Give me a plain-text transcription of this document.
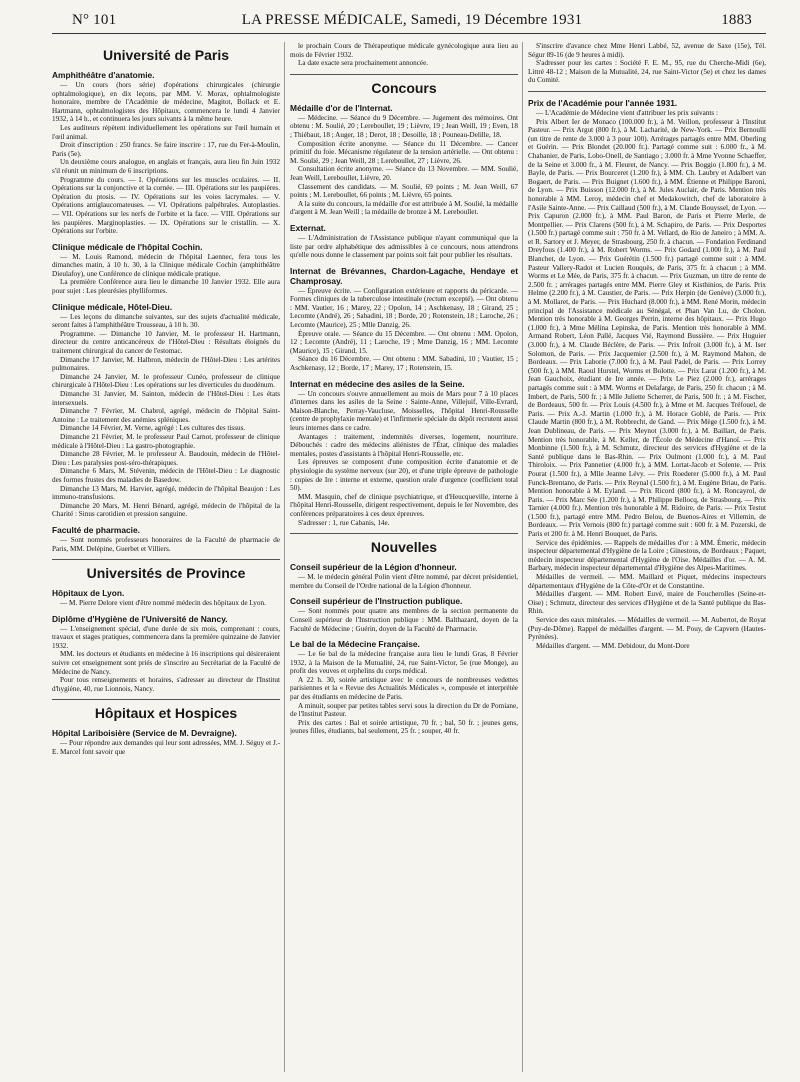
N° 101	LA PRESSE MÉDICALE, Samedi, 19 Décembre 1931	1883
Université de Paris
Amphithéâtre d'anatomie.

— Un cours (hors série) d'opérations chirurgicales (chirurgie ophtalmologique), en dix leçons, par MM. V. Morax, ophtalmologiste honoraire, membre de l'Académie de médecine, Magitot, Bollack et E. Hartmann, ophtalmologistes des Hôpitaux, commencera le lundi 4 Janvier 1932, à 14 h., et continuera les jours suivants à la même heure.

Les auditeurs répètent individuellement les opérations sur l'œil humain et l'œil animal.

Droit d'inscription : 250 francs. Se faire inscrire : 17, rue du Fer-à-Moulin, Paris (5e).

Un deuxième cours analogue, en anglais et français, aura lieu fin Juin 1932 s'il réunit un minimum de 6 inscriptions.

Programme du cours. — I. Opérations sur les muscles oculaires. — II. Opérations sur la conjonctive et la cornée. — III. Opérations sur les paupières. Opération du ptosis. — IV. Opérations sur les voies lacrymales. — V. Opérations antiglaucomateuses. — VI. Opérations palpébrales. Autoplasties. — VII. Opérations sur les nerfs de l'orbite et la face. — VIII. Opérations sur les paupières. Marginoplasties. — IX. Opérations sur le cristallin. — X. Opérations sur l'orbite.

Clinique médicale de l'hôpital Cochin.

— M. Louis Ramond, médecin de l'hôpital Laennec, fera tous les dimanches matin, à 10 h. 30, à la Clinique médicale Cochin (amphithéâtre Dieulafoy), une Conférence de clinique médicale pratique.

La première Conférence aura lieu le dimanche 10 Janvier 1932. Elle aura pour sujet : Les pleurésies phylliformes.

Clinique médicale, Hôtel-Dieu.

— Les leçons du dimanche suivantes, sur des sujets d'actualité médicale, seront faites à l'amphithéâtre Trousseau, à 10 h. 30.

Programme. — Dimanche 10 Janvier, M. le professeur H. Hartmann, directeur du centre anticancéreux de l'Hôtel-Dieu : Résultats éloignés du traitement chirurgical du cancer de l'estomac.

Dimanche 17 Janvier, M. Halbron, médecin de l'Hôtel-Dieu : Les artérites pulmonaires.

Dimanche 24 Janvier, M. le professeur Cunéo, professeur de clinique chirurgicale à l'Hôtel-Dieu : Les opérations sur les diverticules du duodénum.

Dimanche 31 Janvier, M. Sainton, médecin de l'Hôtel-Dieu : Les états intersexuels.

Dimanche 7 Février, M. Chabrol, agrégé, médecin de l'hôpital Saint-Antoine : Le traitement des anémies spléniques.

Dimanche 14 Février, M. Verne, agrégé : Les cultures des tissus.

Dimanche 21 Février, M. le professeur Paul Carnot, professeur de clinique médicale à l'Hôtel-Dieu : La gastro-photographie.

Dimanche 28 Février, M. le professeur A. Baudouin, médecin de l'Hôtel-Dieu : Les paralysies post-séro-thérapiques.

Dimanche 6 Mars, M. Stévenin, médecin de l'Hôtel-Dieu : Le diagnostic des formes frustes des maladies de Basedow.

Dimanche 13 Mars, M. Harvier, agrégé, médecin de l'hôpital Beaujon : Les immuno-transfusions.

Dimanche 20 Mars, M. Henri Bénard, agrégé, médecin de l'hôpital de la Charité : Sinus carotidien et pression sanguine.

Faculté de pharmacie.

— Sont nommés professeurs honoraires de la Faculté de pharmacie de Paris, MM. Delépine, Guerbet et Villiers.

Universités de Province
Hôpitaux de Lyon.

— M. Pierre Delore vient d'être nommé médecin des hôpitaux de Lyon.

Diplôme d'Hygiène de l'Université de Nancy.

— L'enseignement spécial, d'une durée de six mois, comprenant : cours, travaux et stages pratiques, commencera dans la première quinzaine de Janvier 1932.

MM. les docteurs et étudiants en médecine à 16 inscriptions qui désireraient suivre cet enseignement sont priés de s'inscrire au Secrétariat de la Faculté de Médecine de Nancy.

Pour tous renseignements et horaires, s'adresser au directeur de l'Institut d'hygiène, 40, rue Lionnois, Nancy.

Hôpitaux et Hospices
Hôpital Lariboisière (Service de M. Devraigne).

— Pour répondre aux demandes qui leur sont adressées, MM. J. Séguy et J.-E. Marcel font savoir que

le prochain Cours de Thérapeutique médicale gynécologique aura lieu au mois de Février 1932.

La date exacte sera prochainement annoncée.

Concours
Médaille d'or de l'Internat.

— Médecine. — Séance du 9 Décembre. — Jugement des mémoires. Ont obtenu : M. Soulié, 20 ; Lereboullet, 19 ; Lièvre, 19 ; Jean Weill, 19 ; Even, 18 ; Thiébaut, 18 ; Auger, 18 ; Derot, 18 ; Desoille, 18 ; Pouneau-Delille, 18.

Composition écrite anonyme. — Séance du 11 Décembre. — Cancer primitif du foie. Mécanisme régulateur de la tension artérielle. — Ont obtenu : M. Soulié, 29 ; Jean Weill, 28 ; Lereboullet, 27 ; Lièvre, 26.

Consultation écrite anonyme. — Séance du 13 Novembre. — MM. Soulié, Jean Weill, Lereboullet, Lièvre, 20.

Classement des candidats. — M. Soulié, 69 points ; M. Jean Weill, 67 points ; M. Lereboullet, 66 points ; M. Lièvre, 65 points.

A la suite du concours, la médaille d'or est attribuée à M. Soulié, la médaille d'argent à M. Jean Weill ; la médaille de bronze à M. Lereboullet.

Externat.

— L'Administration de l'Assistance publique n'ayant communiqué que la liste par ordre alphabétique des admissibles à ce concours, nous attendrons qu'elle nous donne le classement par points soit fait pour publier les résultats.

Internat de Brévannes, Chardon-Lagache, Hendaye et Champrosay.

— Épreuve écrite. — Configuration extérieure et rapports du péricarde. — Formes cliniques de la tuberculose intestinale (rectum excepté). — Ont obtenu : MM. Vautier, 16 ; Marey, 22 ; Opolon, 14 ; Aschkenasy, 18 ; Girand, 25 ; Lecomte (André), 26 ; Sabadini, 18 ; Borde, 20 ; Rotenstein, 18 ; Laroche, 26 ; Lecomte (Maurice), 25 ; Mlle Danzig, 26.

Épreuve orale. — Séance du 15 Décembre. — Ont obtenu : MM. Opolon, 12 ; Lecomte (André), 11 ; Laroche, 19 ; Mme Danzig, 16 ; MM. Lecomte (Maurice), 15 ; Girand, 15.

Séance du 16 Décembre. — Ont obtenu : MM. Sabadini, 10 ; Vautier, 15 ; Aschkenasy, 12 ; Borde, 17 ; Marey, 17 ; Rotenstein, 15.

Internat en médecine des asiles de la Seine.

— Un concours s'ouvre annuellement au mois de Mars pour 7 à 10 places d'internes dans les asiles de la Seine : Sainte-Anne, Villejuif, Ville-Evrard, Maison-Blanche, Perray-Vaucluse, Moisselles, l'hôpital Henri-Rousselle (centre de prophylaxie mentale) et l'infirmerie spéciale du dépôt recrutent aussi leurs internes dans ce cadre.

Avantages : traitement, indemnités diverses, logement, nourriture. Débouchés : cadre des médecins aliénistes de l'État, clinique des maladies mentales, postes d'assistants à l'hôpital Henri-Rousselle, etc.

Les épreuves se composent d'une composition écrite d'anatomie et de physiologie du système nerveux (sur 20), et d'une triple épreuve de pathologie : copies de Ire : interne et externe, question orale d'urgence (coefficient total 50).

MM. Masquin, chef de clinique psychiatrique, et d'Heucqueville, interne à l'hôpital Henri-Rousselle, dirigent respectivement, depuis le Ier Novembre, des conférences préparatoires à ces deux épreuves.

S'adresser : 1, rue Cabanis, 14e.

Nouvelles
Conseil supérieur de la Légion d'honneur.

— M. le médecin général Polin vient d'être nommé, par décret présidentiel, membre du Conseil de l'Ordre national de la Légion d'honneur.

Conseil supérieur de l'Instruction publique.

— Sont nommés pour quatre ans membres de la section permanente du Conseil supérieur de l'Instruction publique : MM. Balthazard, doyen de la Faculté de Médecine ; Guérin, doyen de la Faculté de Pharmacie.

Le bal de la Médecine Française.

— Le 6e bal de la médecine française aura lieu le lundi Gras, 8 Février 1932, à la Maison de la Mutualité, 24, rue Saint-Victor, 5e (rue Monge), au profit des veuves et orphelins du corps médical.

A 22 h. 30, soirée artistique avec le concours de nombreuses vedettes parisiennes et la « Revue des Actualités Médicales », composée et interprétée par des étudiants en médecine de Paris.

A minuit, souper par petites tables servi sous la direction du Dr de Pomiane, de l'Institut Pasteur.

Prix des cartes : Bal et soirée artistique, 70 fr. ; bal, 50 fr. ; jeunes gens, jeunes filles, étudiants, bal seulement, 25 fr. ; souper, 40 fr.

S'inscrire d'avance chez Mme Henri Labbé, 52, avenue de Saxe (15e), Tél. Ségur 89-16 (de 9 heures à midi).

S'adresser pour les cartes : Société F. E. M., 95, rue du Cherche-Midi (6e), Littré 48-12 ; Maison de la Mutualité, 24, rue Saint-Victor (5e) et chez les dames du Comité.

Prix de l'Académie pour l'année 1931.

— L'Académie de Médecine vient d'attribuer les prix suivants :

Prix Albert Ier de Monaco (100.000 fr.), à M. Veillon, professeur à l'Institut Pasteur. — Prix Argut (800 fr.), à M. Lacharité, de New-York. — Prix Bernoulli (un titre de rente de 3.000 à 3 pour 100). Arrérages partagés entre MM. Oberling et Guérin. — Prix Blondet (20.000 fr.). Partagé comme suit : 6.000 fr., à M. Chabanier, de Paris, Lobo-Onell, de Santiago ; 3.000 fr. à Mme Yvonne Schaeffer, de la Seine et 3.000 fr., à M. Fleuret, de Nancy. — Prix Boggio (1.800 fr.), à M. Bayle, de Paris. — Prix Bourceret (1.200 fr.), à MM. Ch. Laubry et Adalbert van Bogaert, de Paris. — Prix Buignet (1.600 fr.), à MM. Étienne et Philippe Baroni, de Lyon. — Prix Buisson (12.000 fr.), à M. Jules Auclair, de Paris. Mention très honorable à MM. Leroy, médecin chef et Medakowitch, chef de laboratoire à l'Asile Sainte-Anne. — Prix Caillaud (500 fr.), à M. Claude Bouyssel, de Lyon. — Prix Capuron (2.000 fr.), à MM. Paul Baron, de Paris et Pierre Merle, de Montpellier. — Prix Clarens (500 fr.), à M. Schapiro, de Paris. — Prix Desportes (1.500 fr.) partagé comme suit : 750 fr. à M. Vellard, de Rio de Janeiro ; à MM. A. et R. Sartory et J. Meyer, de Strasbourg, 250 fr. à chacun. — Fondation Ferdinand Dreyfous (1.400 fr.), à M. Robert Worms. — Prix Godard (1.000 fr.), à M. Paul Blanchet, de Lyon. — Prix Guérétin (1.500 fr.) partagé comme suit : à MM. Pasteur Vallery-Radot et Lucien Rouquès, de Paris, 375 fr. à chacun ; à MM. Worms et Le Mée, de Paris, 375 fr. à chacun. — Prix Guzman, un titre de rente de 2.500 fr. ; arrérages partagés entre MM. Pierre Gley et Kisthinios, de Paris. Prix Helme (2.200 fr.), à M. Caustier, de Paris. — Prix Herpin (de Genève) (3.000 fr.), à M. Mollaret, de Paris. — Prix Huchard (8.000 fr.), à MM. René Morin, médecin principal de l'Assistance médicale au Sénégal, et Phan Van Lu, de Cholon. Mention très honorable à M. Georges Perrin, interne des hôpitaux. — Prix Hugo (1.000 fr.), à Mme Mélina Lepinska, de Paris. Mention très honorable à MM. Armand Robert, Léon Pallé, Jacques Vié, Raymond Bussière. — Prix Huguier (3.000 fr.), à M. Claude Béclère, de Paris. — Prix Infroit (3.000 fr.), à M. Iser Solomon, de Paris. — Prix Jacquemier (2.500 fr.), à M. Raymond Mahon, de Bordeaux. — Prix Laborie (7.000 fr.), à M. Paul Padel, de Paris. — Prix Lorrey (500 fr.), à MM. Raoul Hurstel, Worms et Bolotte. — Prix Larat (1.200 fr.), à M. Jean Gauchoix, étudiant de Ire année. — Prix Le Piez (2.000 fr.), arrérages partagés comme suit : à MM. Worms et Delafarge, de Paris, 250 fr. chacun ; à M. Imbert, de Paris, 500 fr. ; à Mlle Juliette Scherrer, de Paris, 500 fr. ; à M. Fischer, de Bordeaux, 500 fr. — Prix Louis (4.500 fr.), à Mme et M. Jacques Tréfouel, de Paris. — Prix A.-J. Martin (1.000 fr.), à M. Horace Goblé, de Paris. — Prix Claude Martin (800 fr.), à M. Robbrecht, de Gand. — Prix Mège (1.500 fr.), à M. Jean Dublineau, de Paris. — Prix Meynot (3.000 fr.), à M. Baillart, de Paris. Mention très honorable, à M. Keller, de l'École de Médecine d'Hanoï. — Prix Monbinne (1.500 fr.), à M. Schmutz, directeur des services d'Hygiène et de la Santé publique dans le Bas-Rhin. — Prix Oulmont (1.000 fr.), à M. Paul Thiroloix. — Prix Pannetier (4.000 fr.), à MM. Lortat-Jacob et Solente. — Prix Pourat (1.500 fr.), à Mlle Jeanne Lévy. — Prix Roederer (5.000 fr.), à M. Paul Funck-Brentano, de Paris. — Prix Reynal (1.500 fr.), à M. Eugène Briau, de Paris. Mention honorable à M. Eyland. — Prix Ricord (800 fr.), à M. Roncayrol, de Paris. — Prix Marc Sée (1.200 fr.), à M. Philippe Bellocq, de Strasbourg. — Prix Tarnier (4.000 fr.). Mention très honorable à M. Ridoire, de Paris. — Prix Testut (1.500 fr.), partagé entre MM. Pedro Belou, de Buenos-Aires et Villemin, de Bordeaux. — Prix Vernois (800 fr.) partagé comme suit : 600 fr. à M. Pozerski, de Paris et 200 fr. à M. Henri Bouquet, de Paris.

Service des épidémies. — Rappels de médailles d'or : à MM. Émeric, médecin inspecteur départemental d'Hygiène de la Loire ; Ginestous, de Bordeaux ; Paquet, médecin inspecteur départemental d'Hygiène de l'Oise. Médailles d'or. — A. M. Barbary, médecin inspecteur départemental d'Hygiène des Alpes-Maritimes.

Médailles de vermeil. — MM. Maillard et Piquet, médecins inspecteurs départementaux d'Hygiène de la Côte-d'Or et de Constantine.

Médailles d'argent. — MM. Robert Euvé, maire de Foucherolles (Seine-et-Oise) ; Schmutz, directeur des services d'Hygiène et de la Santé publique du Bas-Rhin.

Service des eaux minérales. — Médailles de vermeil. — M. Aubertot, de Royat (Puy-de-Dôme). Rappel de médailles d'argent. — M. Pouy, de Capvern (Hautes-Pyrénées).

Médailles d'argent. — MM. Debidour, du Mont-Dore
